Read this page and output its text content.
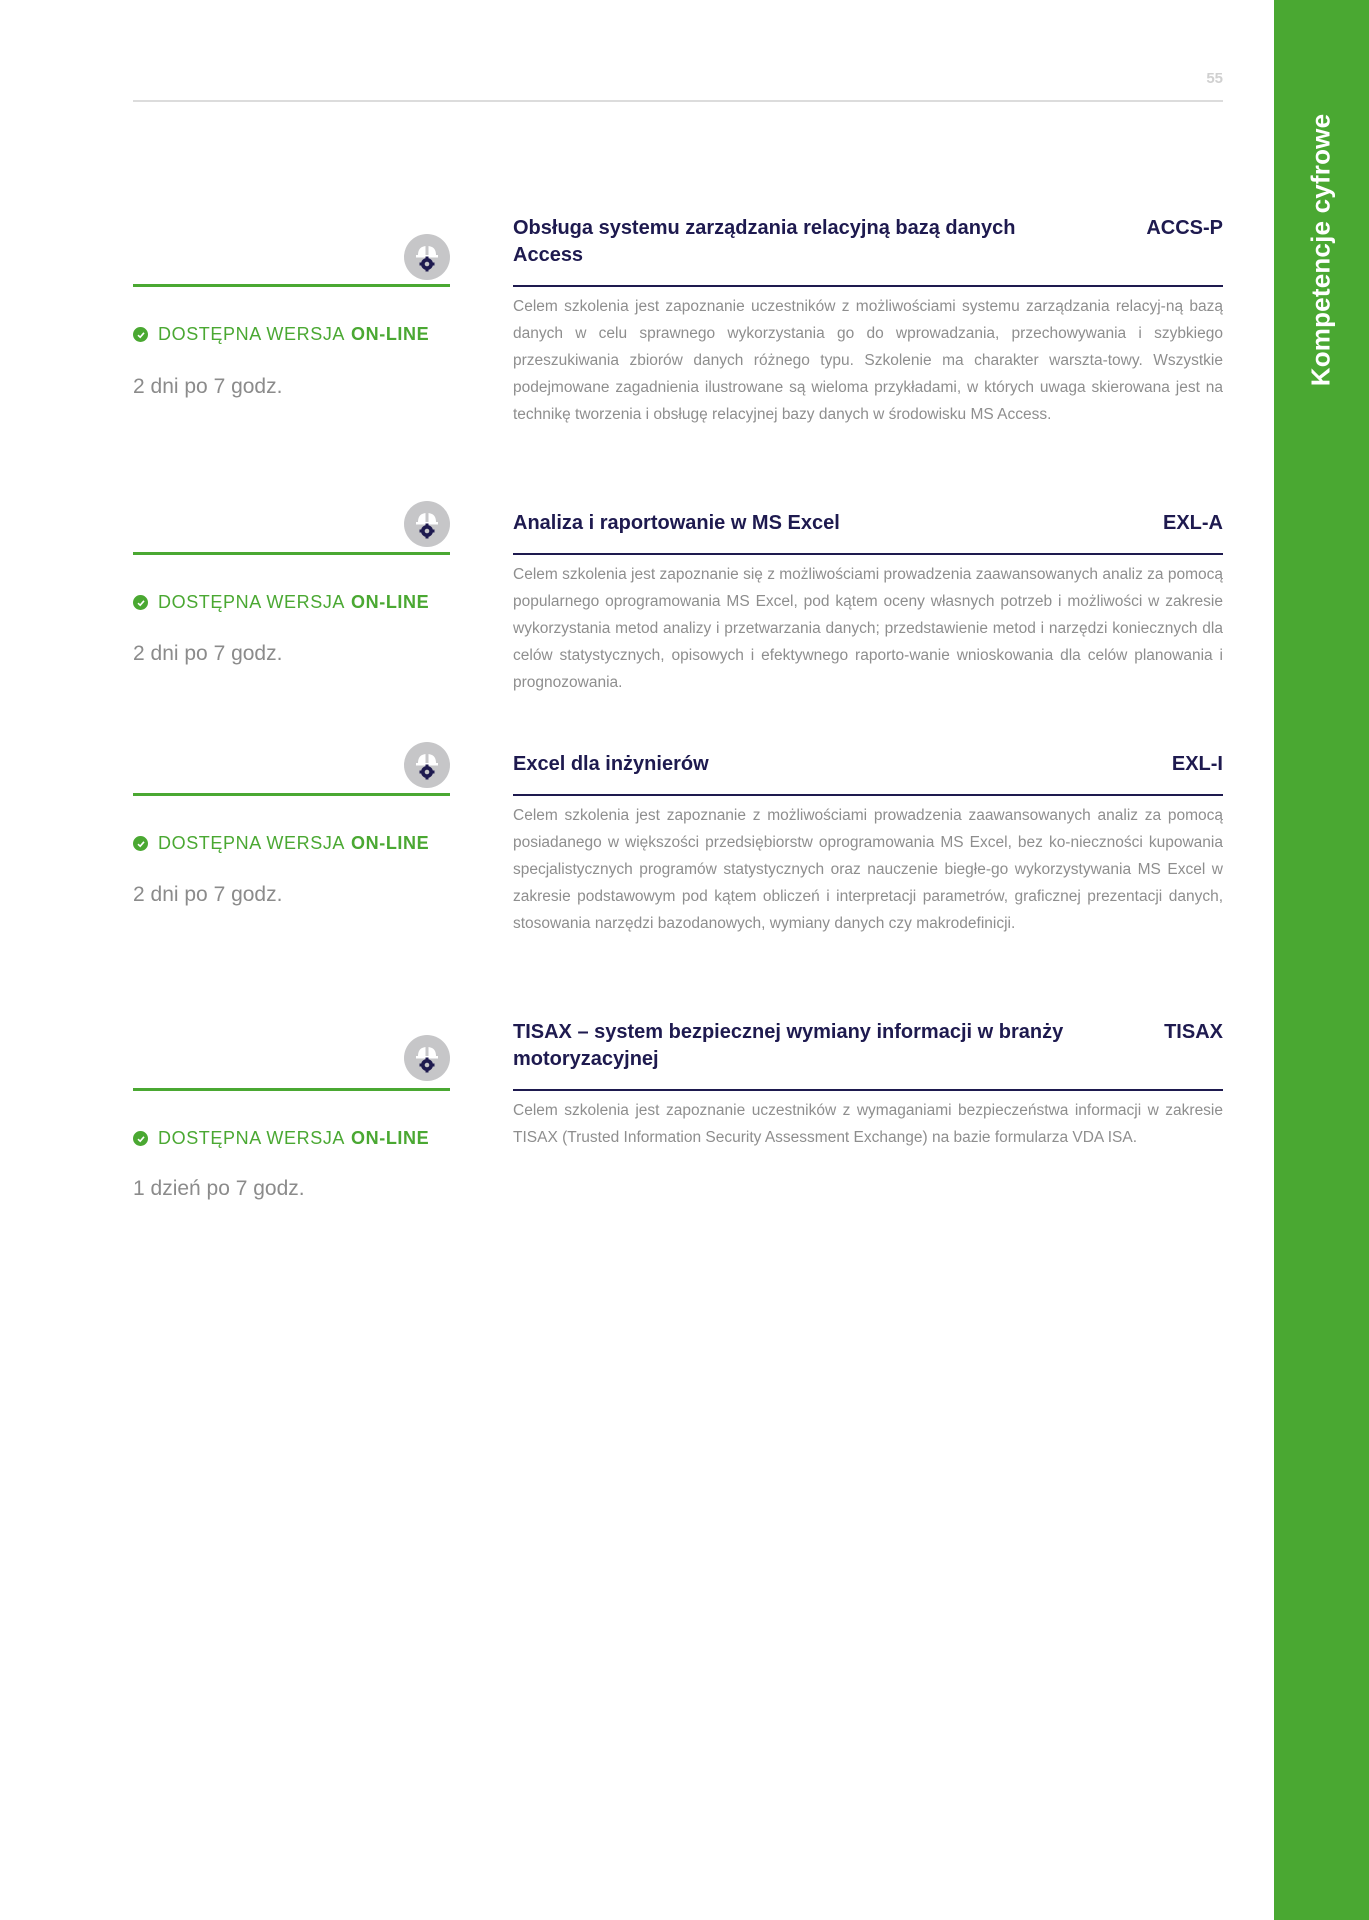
55
Kompetencje cyfrowe
DOSTĘPNA WERSJA ON-LINE
2 dni po 7 godz.
Obsługa systemu zarządzania relacyjną bazą danych Access
ACCS-P

Celem szkolenia jest zapoznanie uczestników z możliwościami systemu zarządzania relacyj-ną bazą danych w celu sprawnego wykorzystania go do wprowadzania, przechowywania i szybkiego przeszukiwania zbiorów danych różnego typu. Szkolenie ma charakter warszta-towy. Wszystkie podejmowane zagadnienia ilustrowane są wieloma przykładami, w których uwaga skierowana jest na technikę tworzenia i obsługę relacyjnej bazy danych w środowisku MS Access.

DOSTĘPNA WERSJA ON-LINE
2 dni po 7 godz.
Analiza i raportowanie w MS Excel	EXL-A

Celem szkolenia jest zapoznanie się z możliwościami prowadzenia zaawansowanych analiz za pomocą popularnego oprogramowania MS Excel, pod kątem oceny własnych potrzeb i możliwości w zakresie wykorzystania metod analizy i przetwarzania danych; przedstawienie metod i narzędzi koniecznych dla celów statystycznych, opisowych i efektywnego raporto-wanie wnioskowania dla celów planowania i prognozowania.

DOSTĘPNA WERSJA ON-LINE
2 dni po 7 godz.
Excel dla inżynierów	EXL-I

Celem szkolenia jest zapoznanie z możliwościami prowadzenia zaawansowanych analiz za pomocą posiadanego w większości przedsiębiorstw oprogramowania MS Excel, bez ko-nieczności kupowania specjalistycznych programów statystycznych oraz nauczenie biegłe-go wykorzystywania MS Excel w zakresie podstawowym pod kątem obliczeń i interpretacji parametrów, graficznej prezentacji danych, stosowania narzędzi bazodanowych, wymiany danych czy makrodefinicji.

DOSTĘPNA WERSJA ON-LINE
1 dzień po 7 godz.
TISAX – system bezpiecznej wymiany informacji w branży motoryzacyjnej
TISAX

Celem szkolenia jest zapoznanie uczestników z wymaganiami bezpieczeństwa informacji w zakresie TISAX (Trusted Information Security Assessment Exchange) na bazie formularza VDA ISA.
